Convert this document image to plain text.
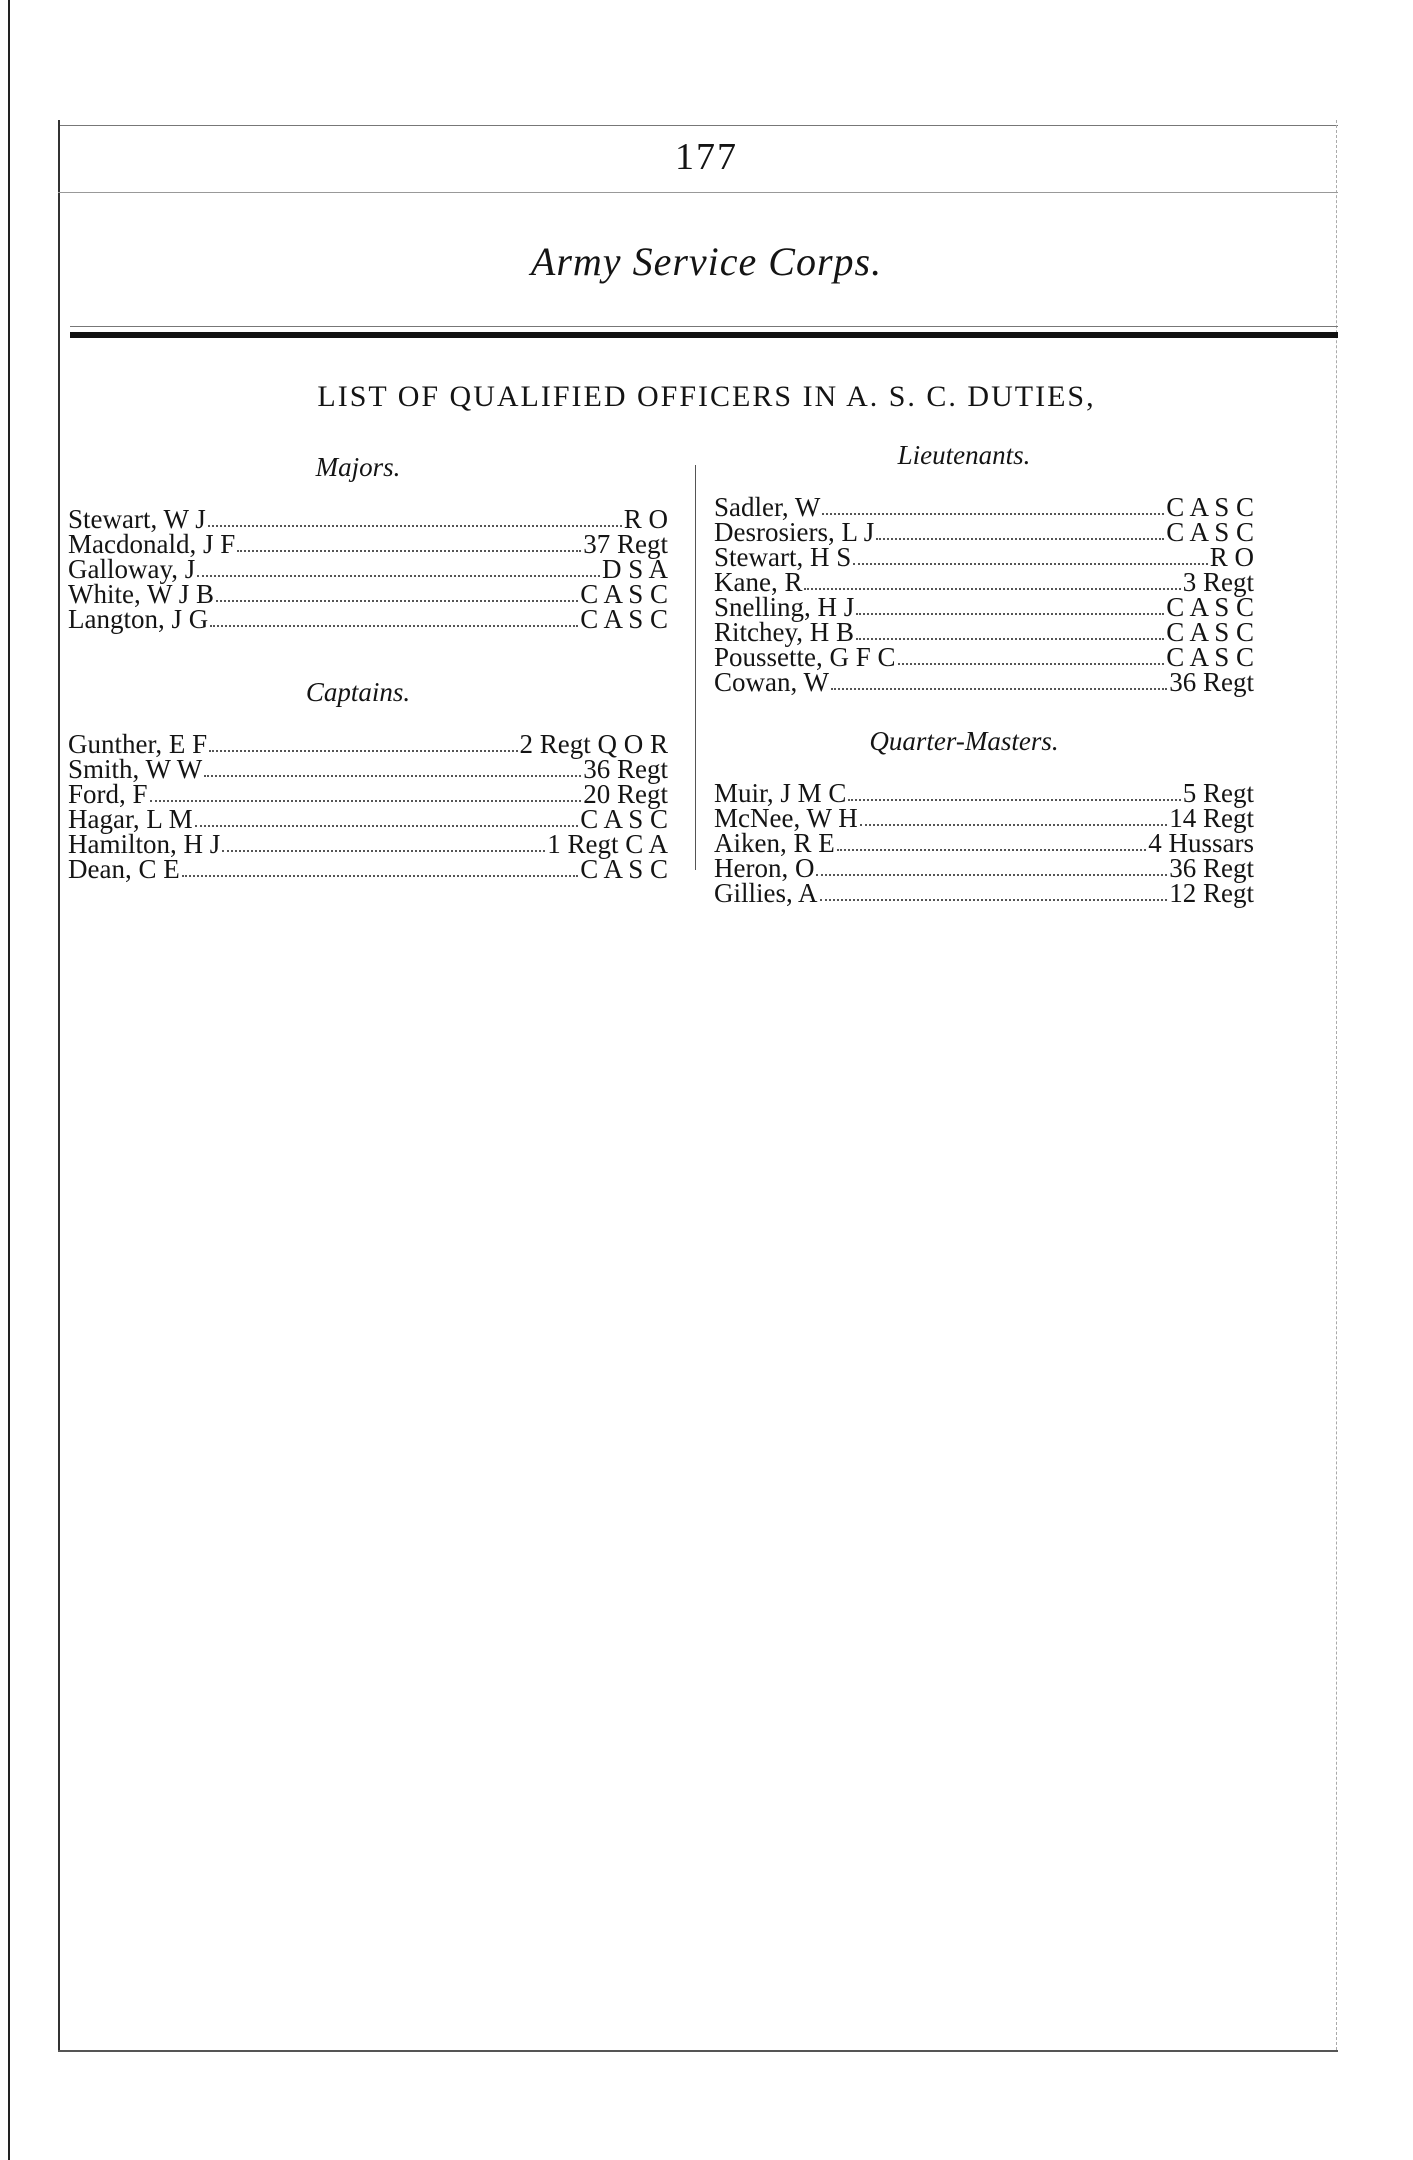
177
Army Service Corps.
LIST OF QUALIFIED OFFICERS IN A. S. C. DUTIES,
Majors.
Stewart, W J	R O
Macdonald, J F	37 Regt
Galloway, J	D S A
White, W J B	C A S C
Langton, J G	C A S C
Captains.
Gunther, E F	2 Regt Q O R
Smith, W W	36 Regt
Ford, F	20 Regt
Hagar, L M	C A S C
Hamilton, H J	1 Regt C A
Dean, C E	C A S C
Lieutenants.
Sadler, W	C A S C
Desrosiers, L J	C A S C
Stewart, H S	R O
Kane, R	3 Regt
Snelling, H J	C A S C
Ritchey, H B	C A S C
Poussette, G F C	C A S C
Cowan, W	36 Regt
Quarter-Masters.
Muir, J M C	5 Regt
McNee, W H	14 Regt
Aiken, R E	4 Hussars
Heron, O	36 Regt
Gillies, A	12 Regt
